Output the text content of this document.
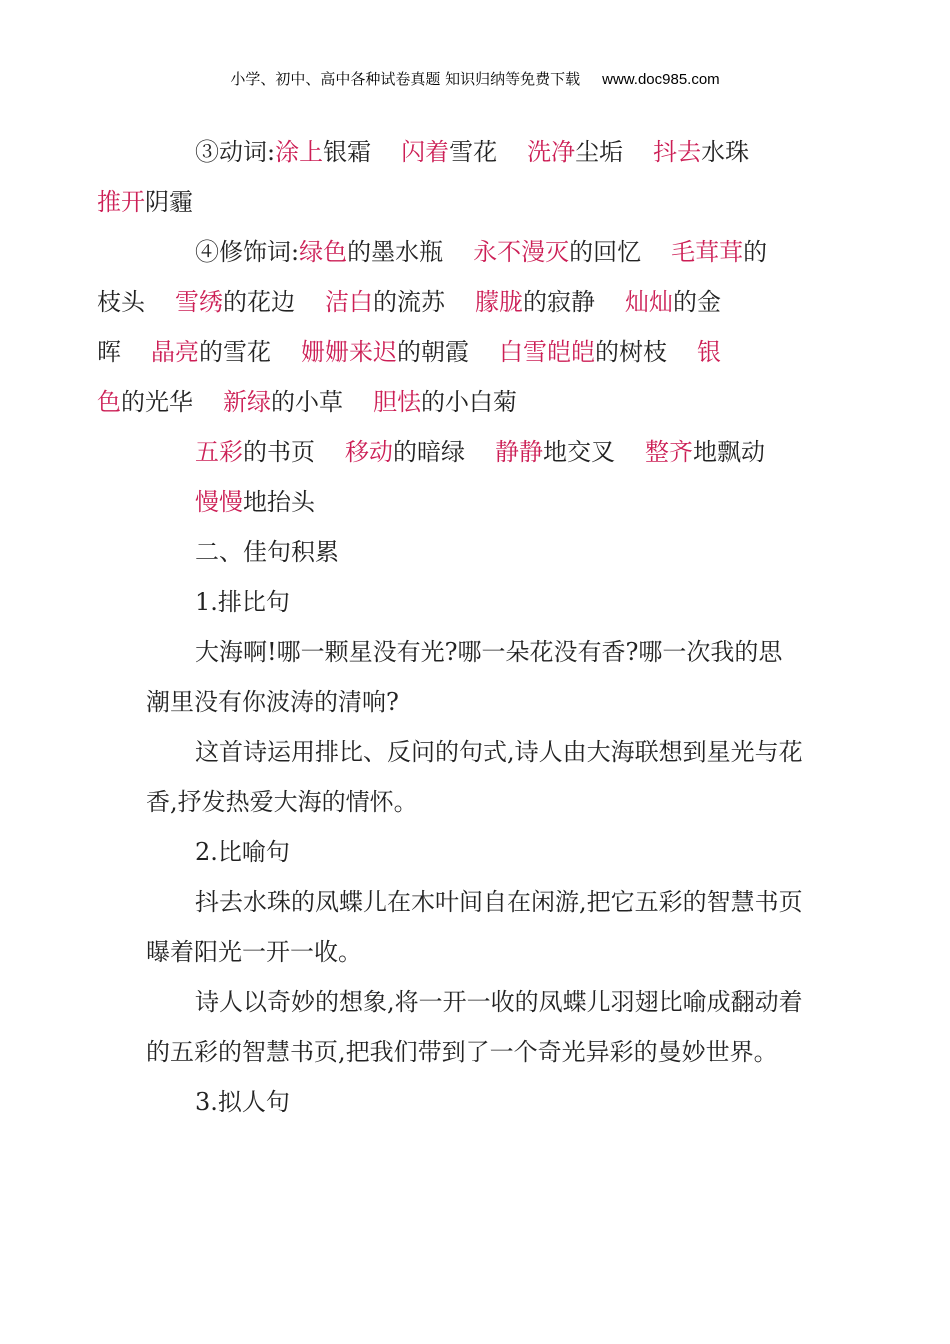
小学、初中、高中各种试卷真题 知识归纳等免费下载 www.doc985.com

③动词:涂上银霜 闪着雪花 洗净尘垢 抖去水珠
推开阴霾

④修饰词:绿色的墨水瓶 永不漫灭的回忆 毛茸茸的
枝头 雪绣的花边 洁白的流苏 朦胧的寂静 灿灿的金
晖 晶亮的雪花 姗姗来迟的朝霞 白雪皑皑的树枝 银
色的光华 新绿的小草 胆怯的小白菊

五彩的书页 移动的暗绿 静静地交叉 整齐地飘动
慢慢地抬头

二、佳句积累

1.排比句

大海啊!哪一颗星没有光?哪一朵花没有香?哪一次我的思潮里没有你波涛的清响?

这首诗运用排比、反问的句式,诗人由大海联想到星光与花香,抒发热爱大海的情怀。

2.比喻句

抖去水珠的凤蝶儿在木叶间自在闲游,把它五彩的智慧书页曝着阳光一开一收。

诗人以奇妙的想象,将一开一收的凤蝶儿羽翅比喻成翻动着的五彩的智慧书页,把我们带到了一个奇光异彩的曼妙世界。

3.拟人句
